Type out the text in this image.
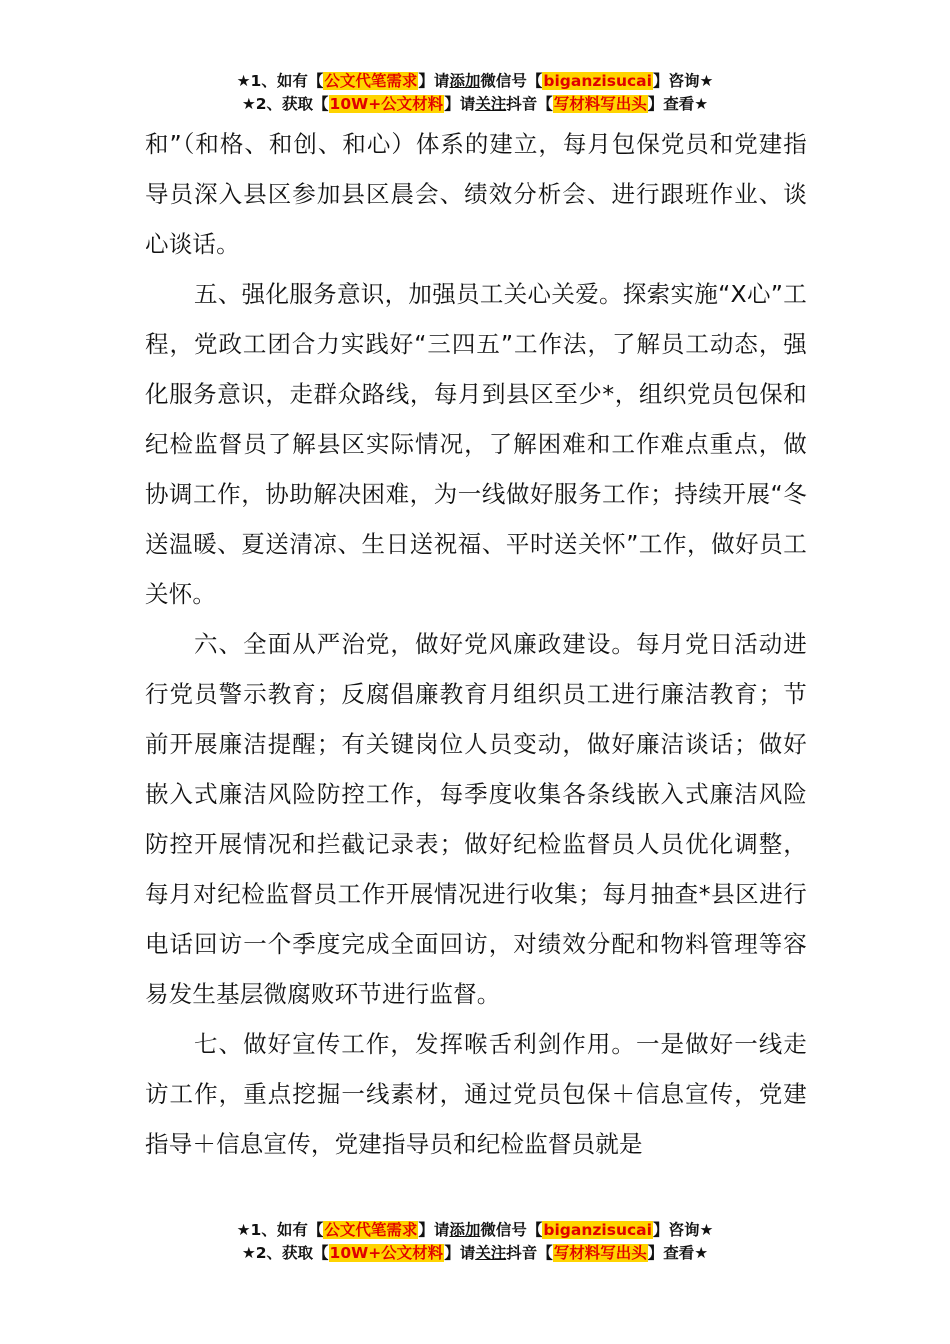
★1、如有【公文代笔需求】请添加微信号【biganzisucai】咨询★
★2、获取【10W+公文材料】请关注抖音【写材料写出头】查看★

和”（和格、和创、和心）体系的建立，每月包保党员和党建指导员深入县区参加县区晨会、绩效分析会、进行跟班作业、谈心谈话。

五、强化服务意识，加强员工关心关爱。探索实施“X心”工程，党政工团合力实践好“三四五”工作法，了解员工动态，强化服务意识，走群众路线，每月到县区至少*，组织党员包保和纪检监督员了解县区实际情况，了解困难和工作难点重点，做协调工作，协助解决困难，为一线做好服务工作；持续开展“冬送温暖、夏送清凉、生日送祝福、平时送关怀”工作，做好员工关怀。

六、全面从严治党，做好党风廉政建设。每月党日活动进行党员警示教育；反腐倡廉教育月组织员工进行廉洁教育；节前开展廉洁提醒；有关键岗位人员变动，做好廉洁谈话；做好嵌入式廉洁风险防控工作，每季度收集各条线嵌入式廉洁风险防控开展情况和拦截记录表；做好纪检监督员人员优化调整，每月对纪检监督员工作开展情况进行收集；每月抽查*县区进行电话回访一个季度完成全面回访，对绩效分配和物料管理等容易发生基层微腐败环节进行监督。

七、做好宣传工作，发挥喉舌利剑作用。一是做好一线走访工作，重点挖掘一线素材，通过党员包保＋信息宣传，党建指导＋信息宣传，党建指导员和纪检监督员就是

★1、如有【公文代笔需求】请添加微信号【biganzisucai】咨询★
★2、获取【10W+公文材料】请关注抖音【写材料写出头】查看★
